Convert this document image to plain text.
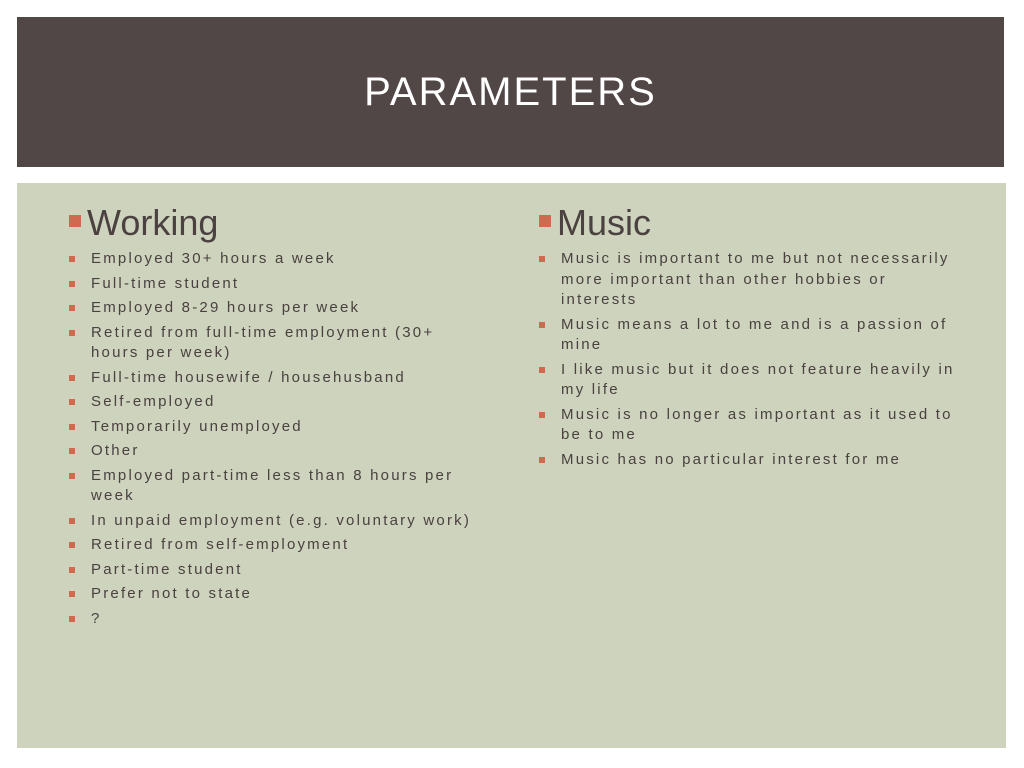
PARAMETERS
Working
Employed 30+ hours a week
Full-time student
Employed 8-29 hours per week
Retired from full-time employment (30+ hours per week)
Full-time housewife / househusband
Self-employed
Temporarily unemployed
Other
Employed part-time less than 8 hours per week
In unpaid employment (e.g. voluntary work)
Retired from self-employment
Part-time student
Prefer not to state
?
Music
Music is important to me but not necessarily more important than other hobbies or interests
Music means a lot to me and is a passion of mine
I like music but it does not feature heavily in my life
Music is no longer as important as it used to be to me
Music has no particular interest for me
